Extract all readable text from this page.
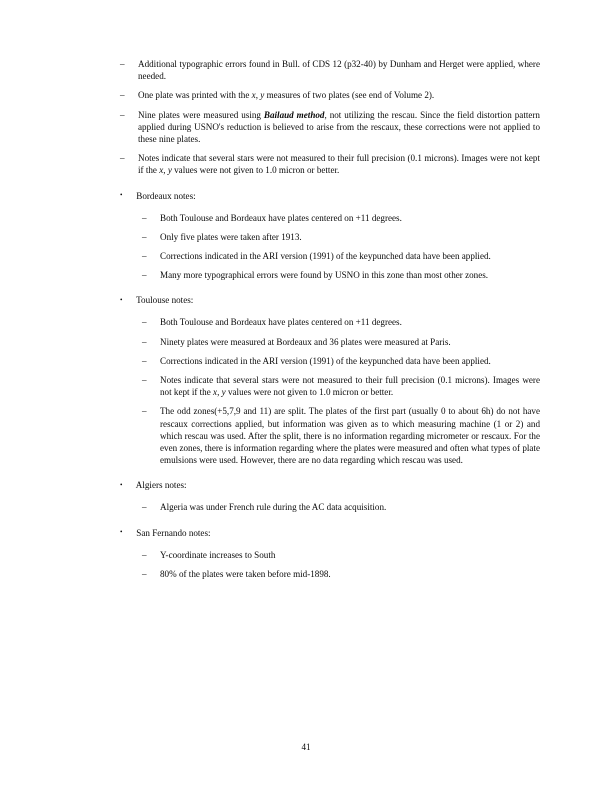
– Additional typographic errors found in Bull. of CDS 12 (p32-40) by Dunham and Herget were applied, where needed.
– One plate was printed with the x, y measures of two plates (see end of Volume 2).
– Nine plates were measured using Bailaud method, not utilizing the rescau. Since the field distortion pattern applied during USNO's reduction is believed to arise from the rescaux, these corrections were not applied to these nine plates.
– Notes indicate that several stars were not measured to their full precision (0.1 microns). Images were not kept if the x, y values were not given to 1.0 micron or better.
• Bordeaux notes:
– Both Toulouse and Bordeaux have plates centered on +11 degrees.
– Only five plates were taken after 1913.
– Corrections indicated in the ARI version (1991) of the keypunched data have been applied.
– Many more typographical errors were found by USNO in this zone than most other zones.
• Toulouse notes:
– Both Toulouse and Bordeaux have plates centered on +11 degrees.
– Ninety plates were measured at Bordeaux and 36 plates were measured at Paris.
– Corrections indicated in the ARI version (1991) of the keypunched data have been applied.
– Notes indicate that several stars were not measured to their full precision (0.1 microns). Images were not kept if the x, y values were not given to 1.0 micron or better.
– The odd zones(+5,7,9 and 11) are split. The plates of the first part (usually 0 to about 6h) do not have rescaux corrections applied, but information was given as to which measuring machine (1 or 2) and which rescau was used. After the split, there is no information regarding micrometer or rescaux. For the even zones, there is information regarding where the plates were measured and often what types of plate emulsions were used. However, there are no data regarding which rescau was used.
• Algiers notes:
– Algeria was under French rule during the AC data acquisition.
• San Fernando notes:
– Y-coordinate increases to South
– 80% of the plates were taken before mid-1898.
41
